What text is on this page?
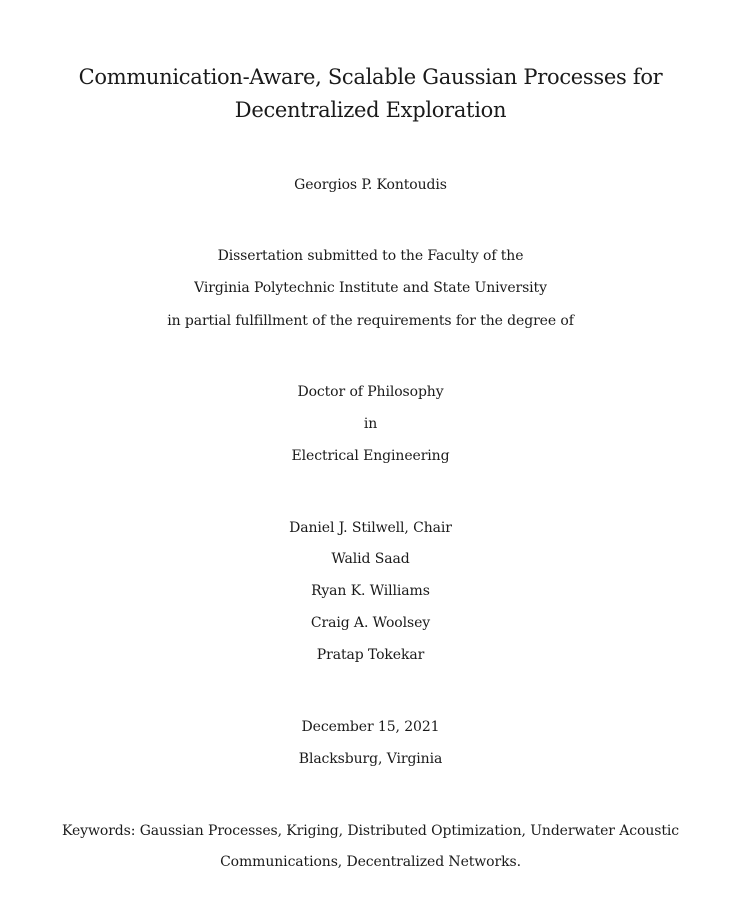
Communication-Aware, Scalable Gaussian Processes for
Decentralized Exploration
Georgios P. Kontoudis
Dissertation submitted to the Faculty of the
Virginia Polytechnic Institute and State University
in partial fulfillment of the requirements for the degree of
Doctor of Philosophy
in
Electrical Engineering
Daniel J. Stilwell, Chair
Walid Saad
Ryan K. Williams
Craig A. Woolsey
Pratap Tokekar
December 15, 2021
Blacksburg, Virginia
Keywords: Gaussian Processes, Kriging, Distributed Optimization, Underwater Acoustic
Communications, Decentralized Networks.
